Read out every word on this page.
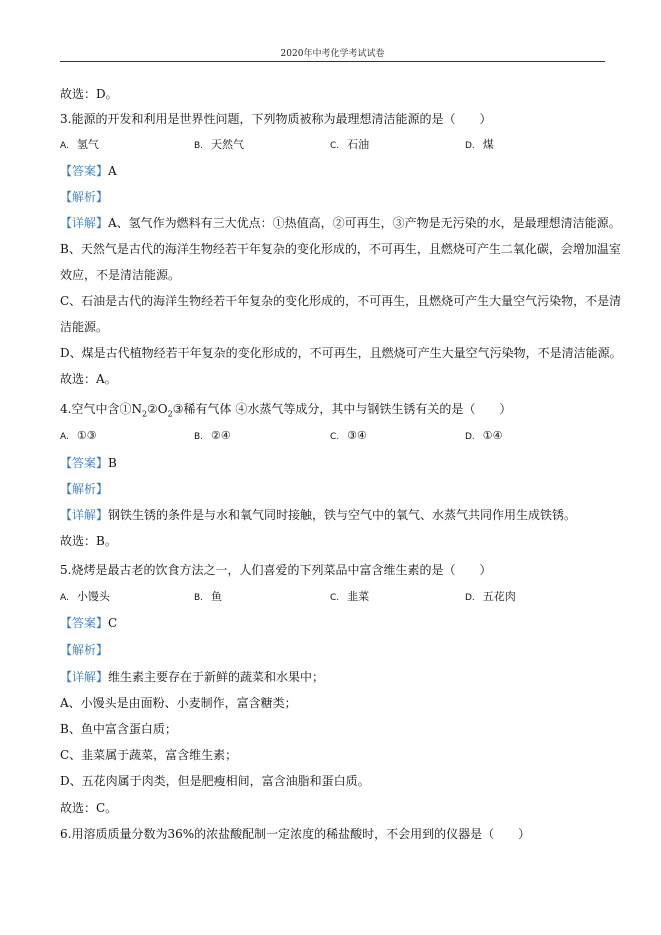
2020年中考化学考试试卷
故选：D。
3.能源的开发和利用是世界性问题，下列物质被称为最理想清洁能源的是（　　）
A. 氢气	B. 天然气	C. 石油	D. 煤
【答案】A
【解析】
【详解】A、氢气作为燃料有三大优点：①热值高，②可再生，③产物是无污染的水，是最理想清洁能源。
B、天然气是古代的海洋生物经若干年复杂的变化形成的，不可再生，且燃烧可产生二氧化碳，会增加温室
效应，不是清洁能源。
C、石油是古代的海洋生物经若干年复杂的变化形成的，不可再生，且燃烧可产生大量空气污染物，不是清
洁能源。
D、煤是古代植物经若干年复杂的变化形成的，不可再生，且燃烧可产生大量空气污染物，不是清洁能源。
故选：A。
4.空气中含$①N_2②O_2③$稀有气体 ④水蒸气等成分，其中与钢铁生锈有关的是（　　）
A. ①③	B. ②④	C. ③④	D. ①④
【答案】B
【解析】
【详解】钢铁生锈的条件是与水和氧气同时接触，铁与空气中的氧气、水蒸气共同作用生成铁锈。
故选：B。
5.烧烤是最古老的饮食方法之一，人们喜爱的下列菜品中富含维生素的是（　　）
A. 小馒头	B. 鱼	C. 韭菜	D. 五花肉
【答案】C
【解析】
【详解】维生素主要存在于新鲜的蔬菜和水果中；
A、小馒头是由面粉、小麦制作，富含糖类；
B、鱼中富含蛋白质；
C、韭菜属于蔬菜，富含维生素；
D、五花肉属于肉类，但是肥瘦相间，富含油脂和蛋白质。
故选：C。
6.用溶质质量分数为36%的浓盐酸配制一定浓度的稀盐酸时，不会用到的仪器是（　　）
